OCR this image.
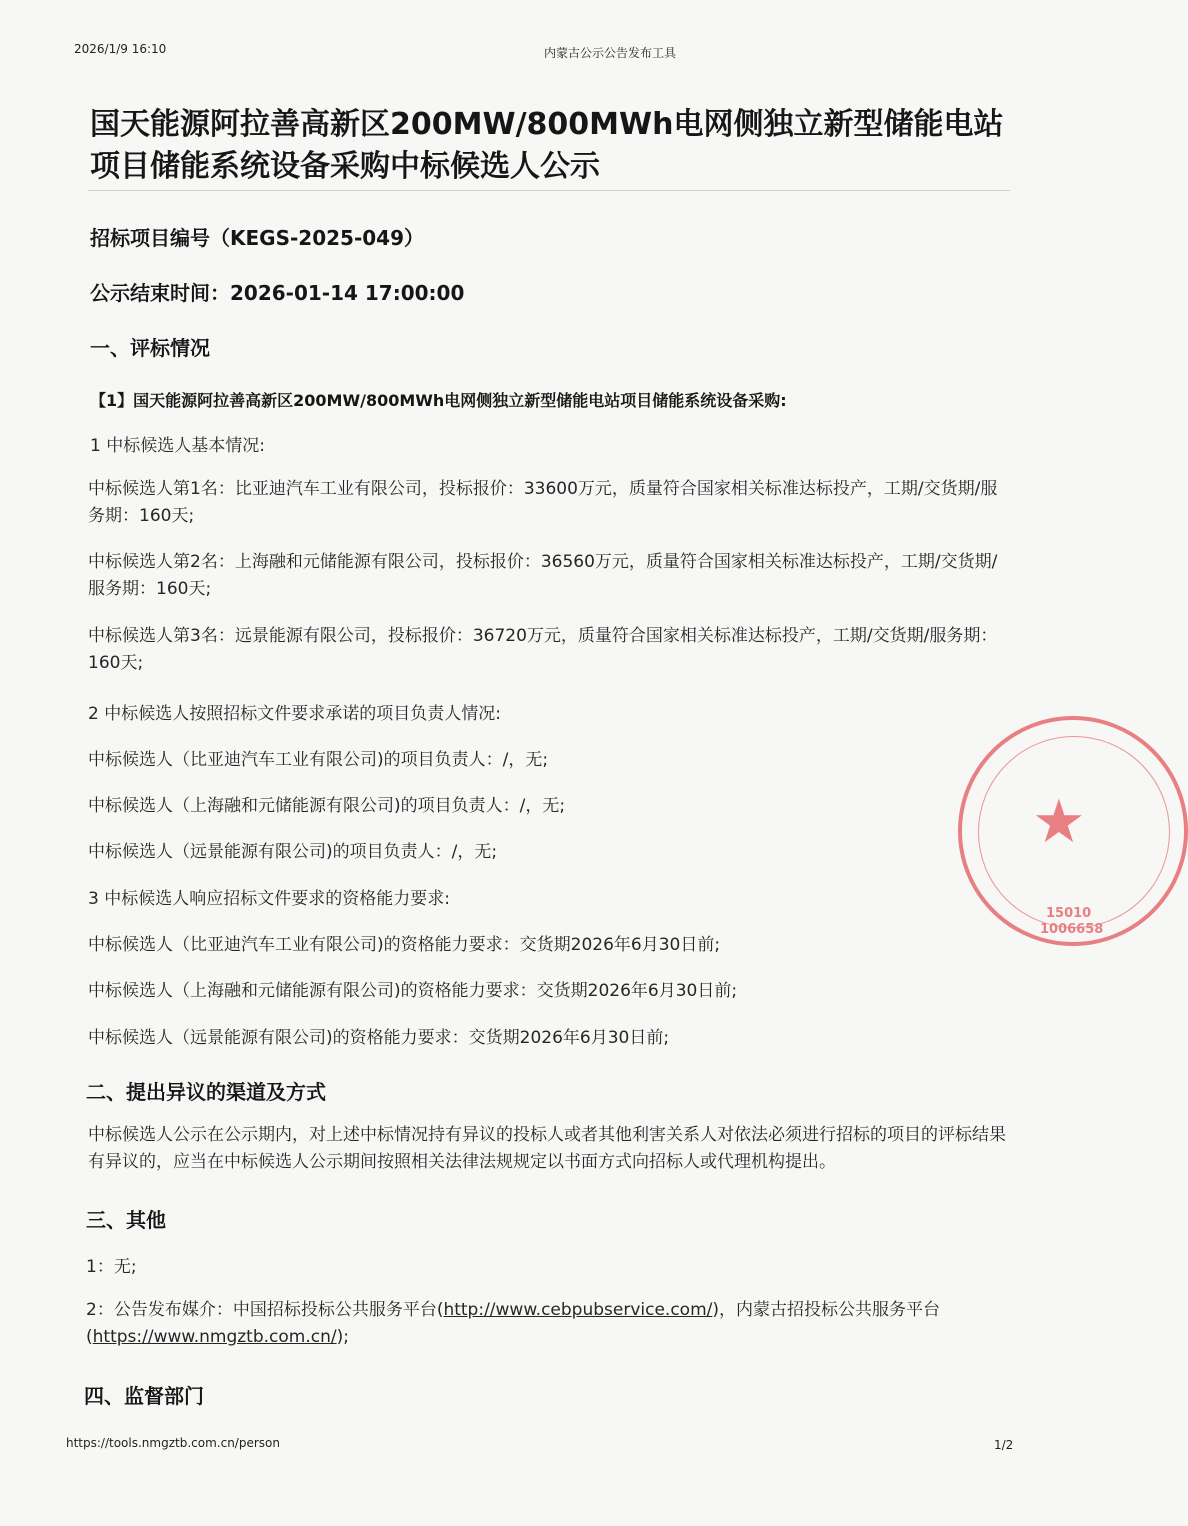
2026/1/9 16:10	内蒙古公示公告发布工具
国天能源阿拉善高新区200MW/800MWh电网侧独立新型储能电站项目储能系统设备采购中标候选人公示
招标项目编号（KEGS-2025-049）
公示结束时间：2026-01-14 17:00:00
一、评标情况
【1】国天能源阿拉善高新区200MW/800MWh电网侧独立新型储能电站项目储能系统设备采购:
1 中标候选人基本情况:
中标候选人第1名：比亚迪汽车工业有限公司，投标报价：33600万元，质量符合国家相关标准达标投产，工期/交货期/服务期：160天;
中标候选人第2名：上海融和元储能源有限公司，投标报价：36560万元，质量符合国家相关标准达标投产，工期/交货期/服务期：160天;
中标候选人第3名：远景能源有限公司，投标报价：36720万元，质量符合国家相关标准达标投产，工期/交货期/服务期：160天;
2 中标候选人按照招标文件要求承诺的项目负责人情况:
中标候选人（比亚迪汽车工业有限公司)的项目负责人：/，无;
中标候选人（上海融和元储能源有限公司)的项目负责人：/，无;
中标候选人（远景能源有限公司)的项目负责人：/，无;
3 中标候选人响应招标文件要求的资格能力要求:
中标候选人（比亚迪汽车工业有限公司)的资格能力要求：交货期2026年6月30日前;
中标候选人（上海融和元储能源有限公司)的资格能力要求：交货期2026年6月30日前;
中标候选人（远景能源有限公司)的资格能力要求：交货期2026年6月30日前;
二、提出异议的渠道及方式
中标候选人公示在公示期内，对上述中标情况持有异议的投标人或者其他利害关系人对依法必须进行招标的项目的评标结果有异议的，应当在中标候选人公示期间按照相关法律法规规定以书面方式向招标人或代理机构提出。
三、其他
1：无;
2：公告发布媒介：中国招标投标公共服务平台(http://www.cebpubservice.com/)，内蒙古招投标公共服务平台(https://www.nmgztb.com.cn/);
四、监督部门
https://tools.nmgztb.com.cn/person	1/2
★
15010
1006658
